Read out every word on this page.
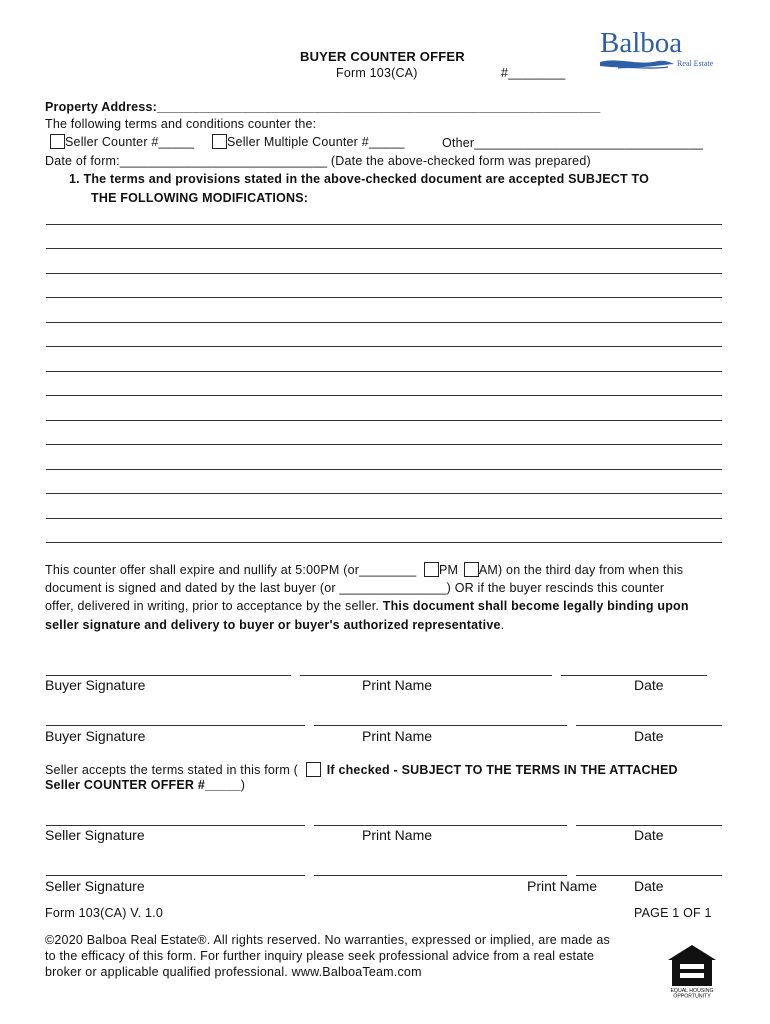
BUYER COUNTER OFFER
Form 103(CA)	#________
Balboa
Real Estate
Property Address:______________________________________________________________
The following terms and conditions counter the:
Seller Counter #_____	Seller Multiple Counter #_____	Other________________________________
Date of form:_____________________________ (Date the above-checked form was prepared)
1. The terms and provisions stated in the above-checked document are accepted SUBJECT TO
THE FOLLOWING MODIFICATIONS:
This counter offer shall expire and nullify at 5:00PM (or________ PM AM) on the third day from when this
document is signed and dated by the last buyer (or _______________) OR if the buyer rescinds this counter
offer, delivered in writing, prior to acceptance by the seller. This document shall become legally binding upon
seller signature and delivery to buyer or buyer's authorized representative.
Buyer Signature	Print Name	Date
Buyer Signature	Print Name	Date
Seller accepts the terms stated in this form ( If checked - SUBJECT TO THE TERMS IN THE ATTACHED
Seller COUNTER OFFER #_____)
Seller Signature	Print Name	Date
Seller Signature	Print Name	Date
Form 103(CA) V. 1.0	PAGE 1 OF 1
©2020 Balboa Real Estate®. All rights reserved. No warranties, expressed or implied, are made as
to the efficacy of this form. For further inquiry please seek professional advice from a real estate
broker or applicable qualified professional. www.BalboaTeam.com
EQUAL HOUSING
OPPORTUNITY
